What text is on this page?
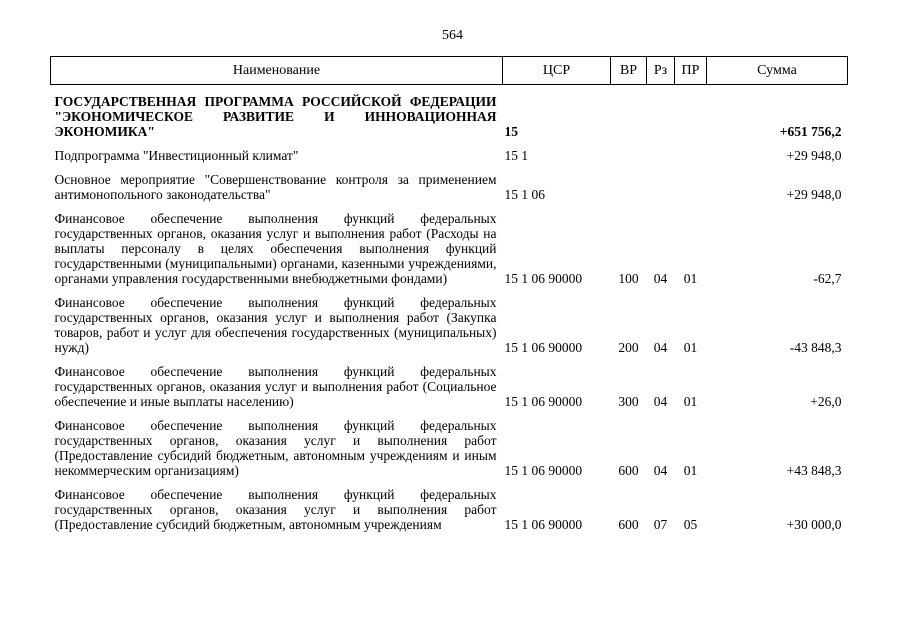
564
Наименование	ЦСР	ВР	Рз	ПР	Сумма

ГОСУДАРСТВЕННАЯ ПРОГРАММА РОССИЙСКОЙ ФЕДЕРАЦИИ "ЭКОНОМИЧЕСКОЕ РАЗВИТИЕ И ИННОВАЦИОННАЯ ЭКОНОМИКА"	15				+651 756,2

Подпрограмма "Инвестиционный климат"	15 1				+29 948,0

Основное мероприятие "Совершенствование контроля за применением антимонопольного законодательства"	15 1 06				+29 948,0

Финансовое обеспечение выполнения функций федеральных государственных органов, оказания услуг и выполнения работ (Расходы на выплаты персоналу в целях обеспечения выполнения функций государственными (муниципальными) органами, казенными учреждениями, органами управления государственными внебюджетными фондами)	15 1 06 90000	100	04	01	-62,7

Финансовое обеспечение выполнения функций федеральных государственных органов, оказания услуг и выполнения работ (Закупка товаров, работ и услуг для обеспечения государственных (муниципальных) нужд)	15 1 06 90000	200	04	01	-43 848,3

Финансовое обеспечение выполнения функций федеральных государственных органов, оказания услуг и выполнения работ (Социальное обеспечение и иные выплаты населению)	15 1 06 90000	300	04	01	+26,0

Финансовое обеспечение выполнения функций федеральных государственных органов, оказания услуг и выполнения работ (Предоставление субсидий бюджетным, автономным учреждениям и иным некоммерческим организациям)	15 1 06 90000	600	04	01	+43 848,3

Финансовое обеспечение выполнения функций федеральных государственных органов, оказания услуг и выполнения работ (Предоставление субсидий бюджетным, автономным учреждениям	15 1 06 90000	600	07	05	+30 000,0
